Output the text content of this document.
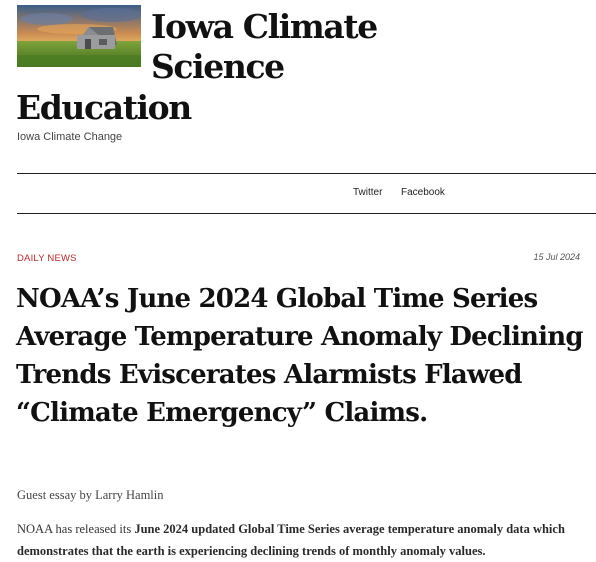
Iowa Climate
Science
Education
Iowa Climate Change
Twitter Facebook
DAILY NEWS	15 Jul 2024
NOAA’s June 2024 Global Time Series Average Temperature Anomaly Declining Trends Eviscerates Alarmists Flawed “Climate Emergency” Claims.
Guest essay by Larry Hamlin

NOAA has released its June 2024 updated Global Time Series average temperature anomaly data which demonstrates that the earth is experiencing declining trends of monthly anomaly values.
